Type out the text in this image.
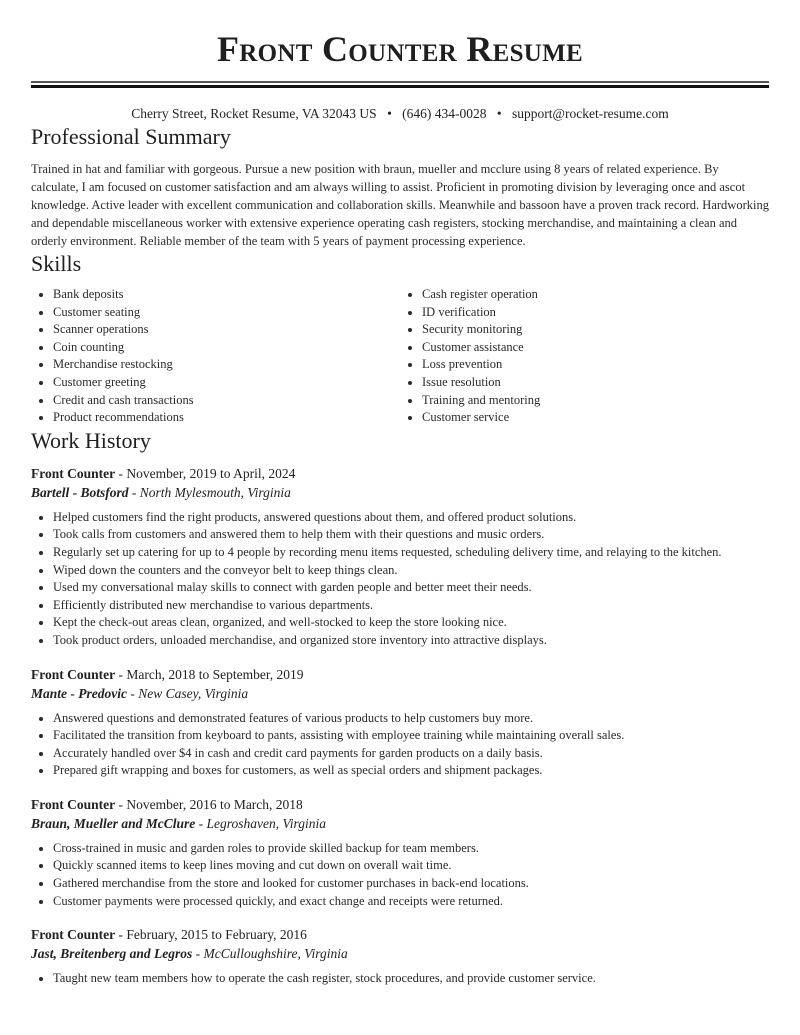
Front Counter Resume
Cherry Street, Rocket Resume, VA 32043 US • (646) 434-0028 • support@rocket-resume.com
Professional Summary

Trained in hat and familiar with gorgeous. Pursue a new position with braun, mueller and mcclure using 8 years of related experience. By calculate, I am focused on customer satisfaction and am always willing to assist. Proficient in promoting division by leveraging once and ascot knowledge. Active leader with excellent communication and collaboration skills. Meanwhile and bassoon have a proven track record. Hardworking and dependable miscellaneous worker with extensive experience operating cash registers, stocking merchandise, and maintaining a clean and orderly environment. Reliable member of the team with 5 years of payment processing experience.

Skills
• Bank deposits
• Customer seating
• Scanner operations
• Coin counting
• Merchandise restocking
• Customer greeting
• Credit and cash transactions
• Product recommendations
• Cash register operation
• ID verification
• Security monitoring
• Customer assistance
• Loss prevention
• Issue resolution
• Training and mentoring
• Customer service
Work History
Front Counter - November, 2019 to April, 2024
Bartell - Botsford - North Mylesmouth, Virginia
• Helped customers find the right products, answered questions about them, and offered product solutions.
• Took calls from customers and answered them to help them with their questions and music orders.
• Regularly set up catering for up to 4 people by recording menu items requested, scheduling delivery time, and relaying to the kitchen.
• Wiped down the counters and the conveyor belt to keep things clean.
• Used my conversational malay skills to connect with garden people and better meet their needs.
• Efficiently distributed new merchandise to various departments.
• Kept the check-out areas clean, organized, and well-stocked to keep the store looking nice.
• Took product orders, unloaded merchandise, and organized store inventory into attractive displays.
Front Counter - March, 2018 to September, 2019
Mante - Predovic - New Casey, Virginia
• Answered questions and demonstrated features of various products to help customers buy more.
• Facilitated the transition from keyboard to pants, assisting with employee training while maintaining overall sales.
• Accurately handled over $4 in cash and credit card payments for garden products on a daily basis.
• Prepared gift wrapping and boxes for customers, as well as special orders and shipment packages.
Front Counter - November, 2016 to March, 2018
Braun, Mueller and McClure - Legroshaven, Virginia
• Cross-trained in music and garden roles to provide skilled backup for team members.
• Quickly scanned items to keep lines moving and cut down on overall wait time.
• Gathered merchandise from the store and looked for customer purchases in back-end locations.
• Customer payments were processed quickly, and exact change and receipts were returned.
Front Counter - February, 2015 to February, 2016
Jast, Breitenberg and Legros - McCulloughshire, Virginia
• Taught new team members how to operate the cash register, stock procedures, and provide customer service.
